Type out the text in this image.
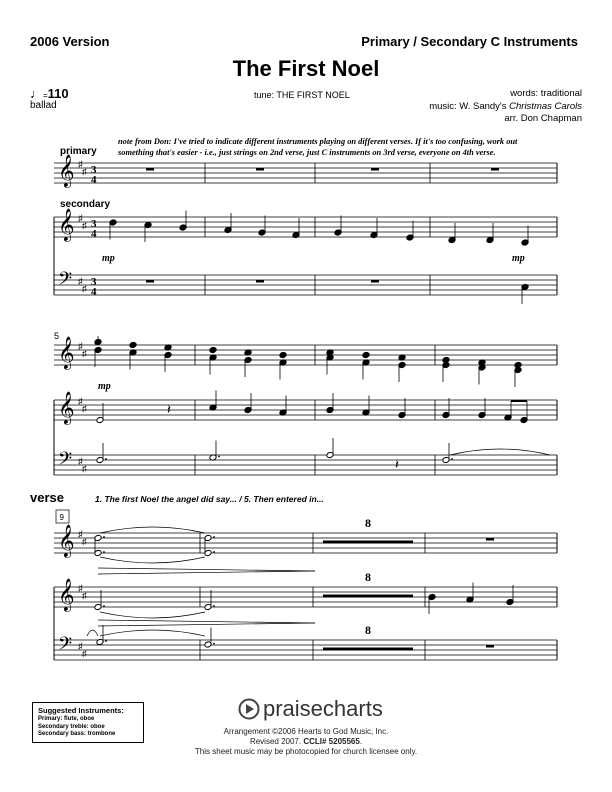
2006 Version	Primary / Secondary C Instruments
The First Noel
♩=110
ballad
tune: THE FIRST NOEL	words: traditional
music: W. Sandy's Christmas Carols
arr. Don Chapman
note from Don: I've tried to indicate different instruments playing on different verses. If it's too confusing, work out
something that's easier - i.e., just strings on 2nd verse, just C instruments on 3rd verse, everyone on 4th verse.
primary
secondary
verse	1. The first Noel the angel did say... / 5. Then entered in...
𝄞 ♯
♯ 3
4
𝄞 ♯
♯ 3
4
𝄢 ♯
♯
3
4
mp	mp
𝄞 ♯
♯
𝄞 ♯
♯
𝄢 ♯
♯
5
mp
𝄽
𝄽
𝄞 ♯
♯
𝄞 ♯
♯
𝄢 ♯
♯
9	8
8
8
Suggested Instruments:
Primary: flute, oboe
Secondary treble: oboe
Secondary bass: trombone
praisecharts
Arrangement ©2006 Hearts to God Music, Inc.
Revised 2007. CCLI# 5205565.
This sheet music may be photocopied for church licensee only.
